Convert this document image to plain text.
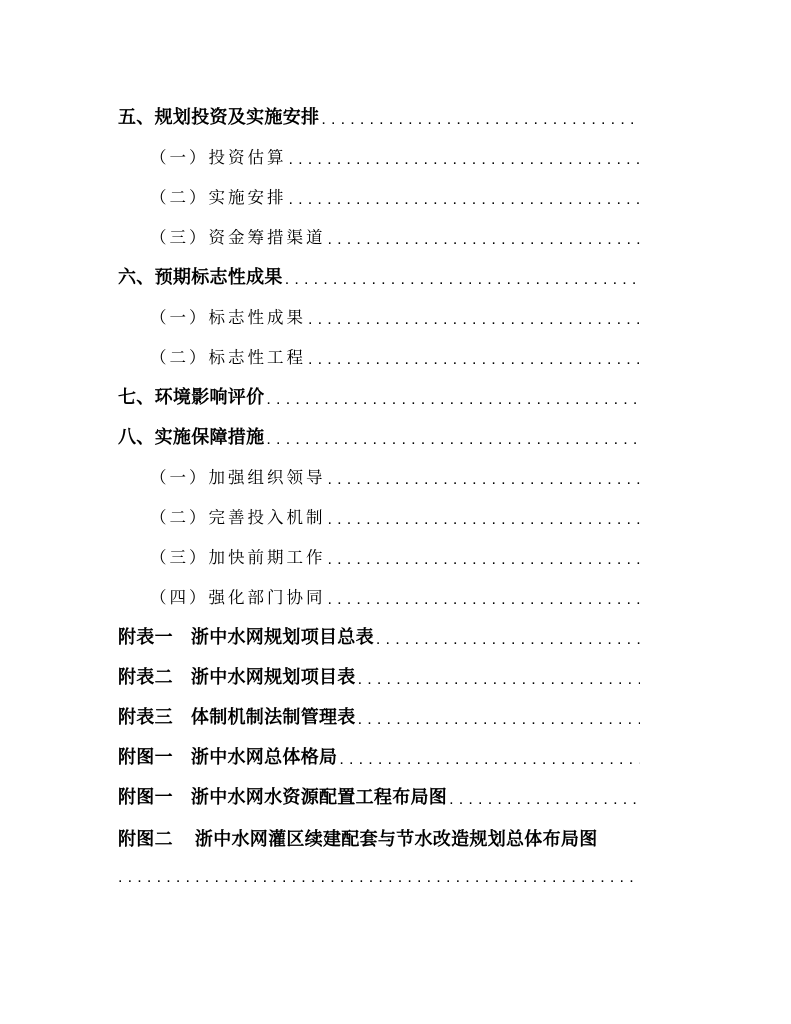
五、规划投资及实施安排
.....
（一）投资估算
.....
（二）实施安排
.....
（三）资金筹措渠道
.....
六、预期标志性成果
.....
（一）标志性成果
.....
（二）标志性工程
.....
七、环境影响评价
.....
八、实施保障措施
.....
（一）加强组织领导
.....
（二）完善投入机制
.....
（三）加快前期工作
.....
（四）强化部门协同
.....
附表一 浙中水网规划项目总表
.....
附表二 浙中水网规划项目表
.....
附表三 体制机制法制管理表
.....
附图一 浙中水网总体格局
.....
附图一 浙中水网水资源配置工程布局图
.....
附图二 浙中水网灌区续建配套与节水改造规划总体布局图
.....
